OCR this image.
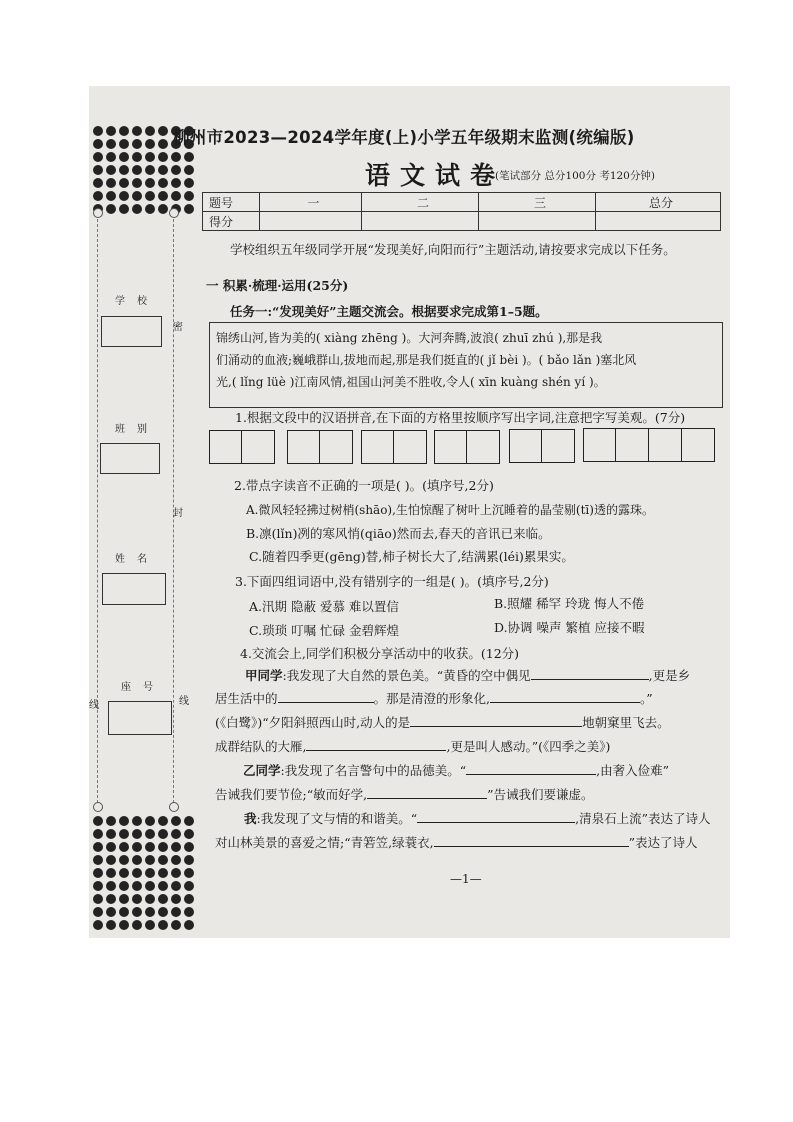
学校
班别
姓名
座号
密
封
线	线
柳州市2023—2024学年度(上)小学五年级期末监测(统编版)
语文试卷
(笔试部分 总分100分 考120分钟)
题号	一	二	三	总分
得分				
学校组织五年级同学开展“发现美好,向阳而行”主题活动,请按要求完成以下任务。
一 积累·梳理·运用(25分)
任务一:“发现美好”主题交流会。根据要求完成第1–5题。
锦绣山河,皆为美的( xiàng zhēng )。大河奔腾,波浪( zhuī zhú ),那是我
们涌动的血液;巍峨群山,拔地而起,那是我们挺直的( jǐ bèi )。( bǎo lǎn )塞北风
光,( lǐng lüè )江南风情,祖国山河美不胜收,令人( xīn kuàng shén yí )。
1.根据文段中的汉语拼音,在下面的方格里按顺序写出字词,注意把字写美观。(7分)
2.带点字读音不正确的一项是( )。(填序号,2分)
A.微风轻轻拂过树梢(shāo),生怕惊醒了树叶上沉睡着的晶莹剔(tī)透的露珠。
B.凛(lǐn)冽的寒风悄(qiāo)然而去,春天的音讯已来临。
C.随着四季更(gēng)替,柿子树长大了,结满累(léi)累果实。
3.下面四组词语中,没有错别字的一组是( )。(填序号,2分)
A.汛期 隐蔽 爱慕 难以置信	B.照耀 稀罕 玲珑 悔人不倦
C.琐琐 叮嘱 忙碌 金碧辉煌	D.协调 噪声 繁植 应接不暇
4.交流会上,同学们积极分享活动中的收获。(12分)
甲同学:我发现了大自然的景色美。“黄昏的空中偶见	,更是乡
居生活中的	。那是清澄的形象化,	。”
(《白鹭》)“夕阳斜照西山时,动人的是	地朝窠里飞去。
成群结队的大雁,	,更是叫人感动。”(《四季之美》)
乙同学:我发现了名言警句中的品德美。“	,由奢入俭难”
告诫我们要节俭;“敏而好学,	”告诫我们要谦虚。
我:我发现了文与情的和谐美。“	,清泉石上流”表达了诗人
对山林美景的喜爱之情;“青箬笠,绿蓑衣,	”表达了诗人
—1—
